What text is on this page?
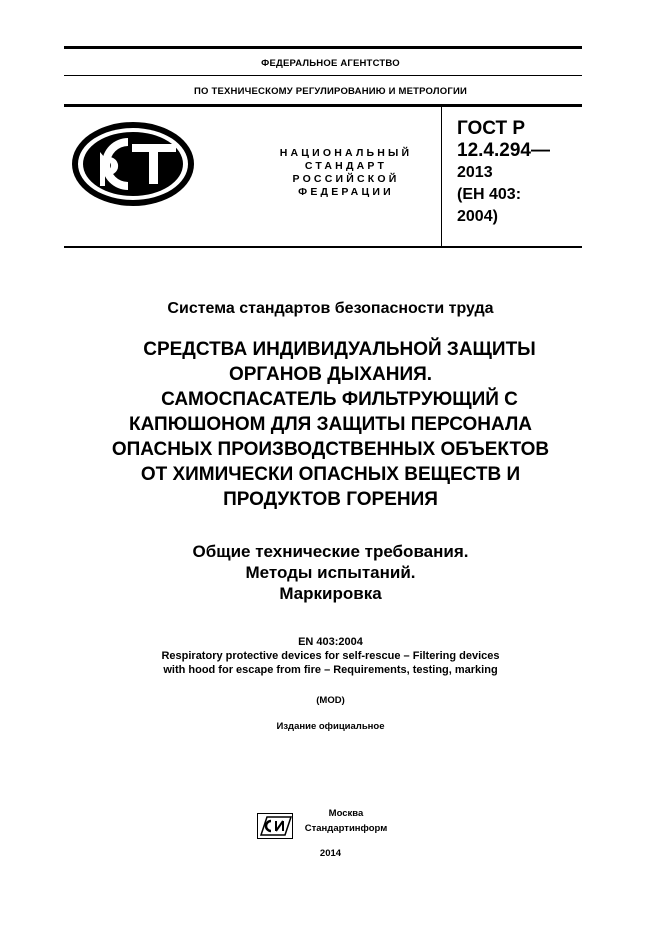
ФЕДЕРАЛЬНОЕ АГЕНТСТВО
ПО ТЕХНИЧЕСКОМУ РЕГУЛИРОВАНИЮ И МЕТРОЛОГИИ
НАЦИОНАЛЬНЫЙ
СТАНДАРТ
РОССИЙСКОЙ
ФЕДЕРАЦИИ
ГОСТ Р
12.4.294—
2013
(ЕН 403:
2004)
Система стандартов безопасности труда
СРЕДСТВА ИНДИВИДУАЛЬНОЙ ЗАЩИТЫ
ОРГАНОВ ДЫХАНИЯ.
САМОСПАСАТЕЛЬ ФИЛЬТРУЮЩИЙ С
КАПЮШОНОМ ДЛЯ ЗАЩИТЫ ПЕРСОНАЛА
ОПАСНЫХ ПРОИЗВОДСТВЕННЫХ ОБЪЕКТОВ
ОТ ХИМИЧЕСКИ ОПАСНЫХ ВЕЩЕСТВ И
ПРОДУКТОВ ГОРЕНИЯ
Общие технические требования.
Методы испытаний.
Маркировка
EN 403:2004
Respiratory protective devices for self-rescue – Filtering devices
with hood for escape from fire – Requirements, testing, marking
(MOD)
Издание официальное
Москва
Стандартинформ
2014
